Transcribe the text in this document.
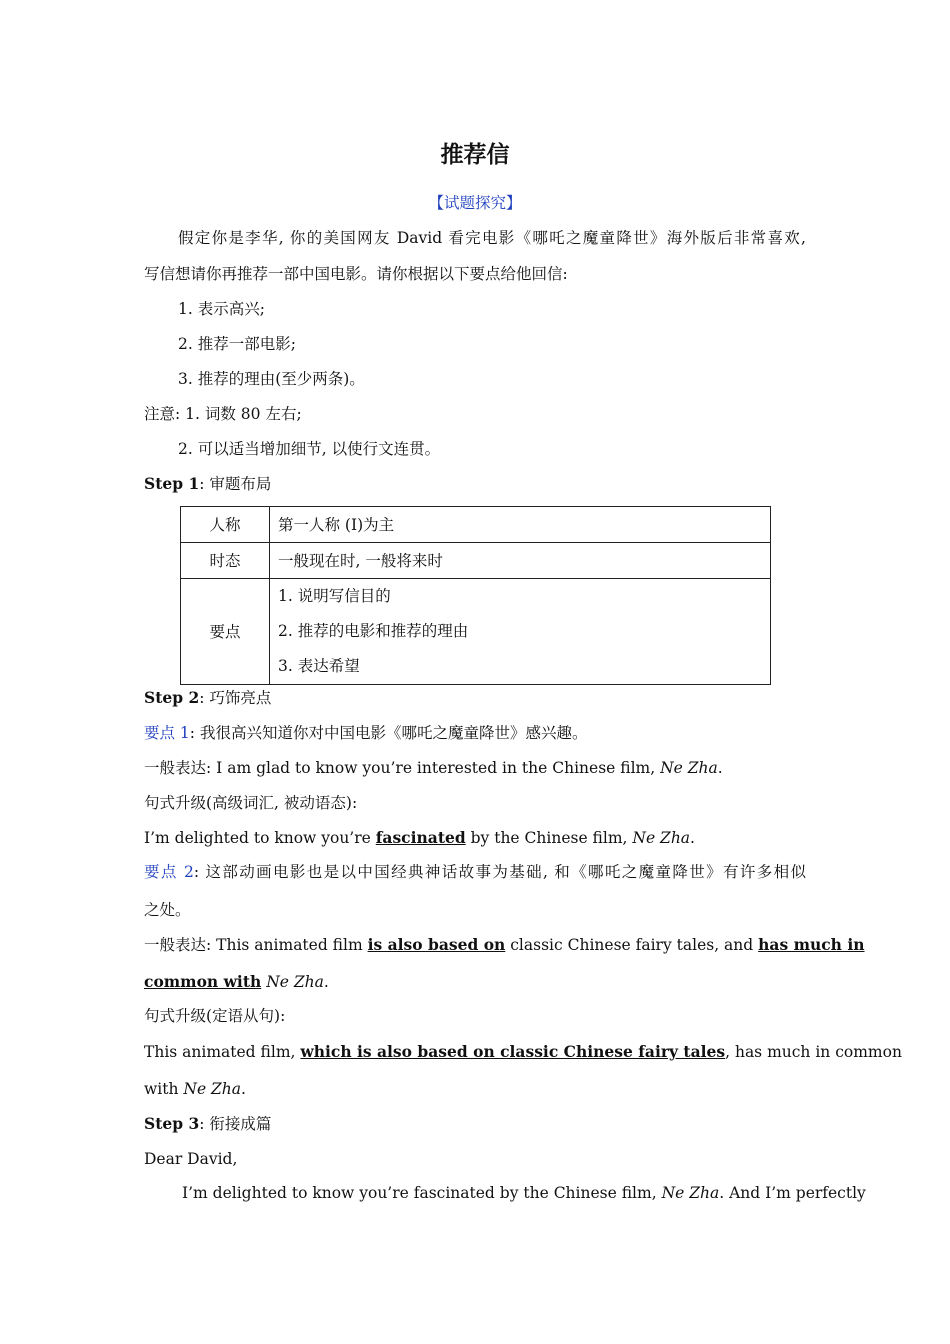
推荐信
【试题探究】
假定你是李华, 你的美国网友 David 看完电影《哪吒之魔童降世》海外版后非常喜欢,
写信想请你再推荐一部中国电影。请你根据以下要点给他回信:
1. 表示高兴;
2. 推荐一部电影;
3. 推荐的理由(至少两条)。
注意: 1. 词数 80 左右;
2. 可以适当增加细节, 以使行文连贯。
Step 1: 审题布局
人称	第一人称 (I)为主
时态	一般现在时, 一般将来时
要点	1. 说明写信目的
2. 推荐的电影和推荐的理由
3. 表达希望
Step 2: 巧饰亮点
要点 1: 我很高兴知道你对中国电影《哪吒之魔童降世》感兴趣。
一般表达: I am glad to know you’re interested in the Chinese film, Ne Zha.
句式升级(高级词汇, 被动语态):
I’m delighted to know you’re fascinated by the Chinese film, Ne Zha.
要点 2: 这部动画电影也是以中国经典神话故事为基础, 和《哪吒之魔童降世》有许多相似
之处。
一般表达: This animated film is also based on classic Chinese fairy tales, and has much in
common with Ne Zha.
句式升级(定语从句):
This animated film, which is also based on classic Chinese fairy tales, has much in common
with Ne Zha.
Step 3: 衔接成篇
Dear David,
I’m delighted to know you’re fascinated by the Chinese film, Ne Zha. And I’m perfectly
